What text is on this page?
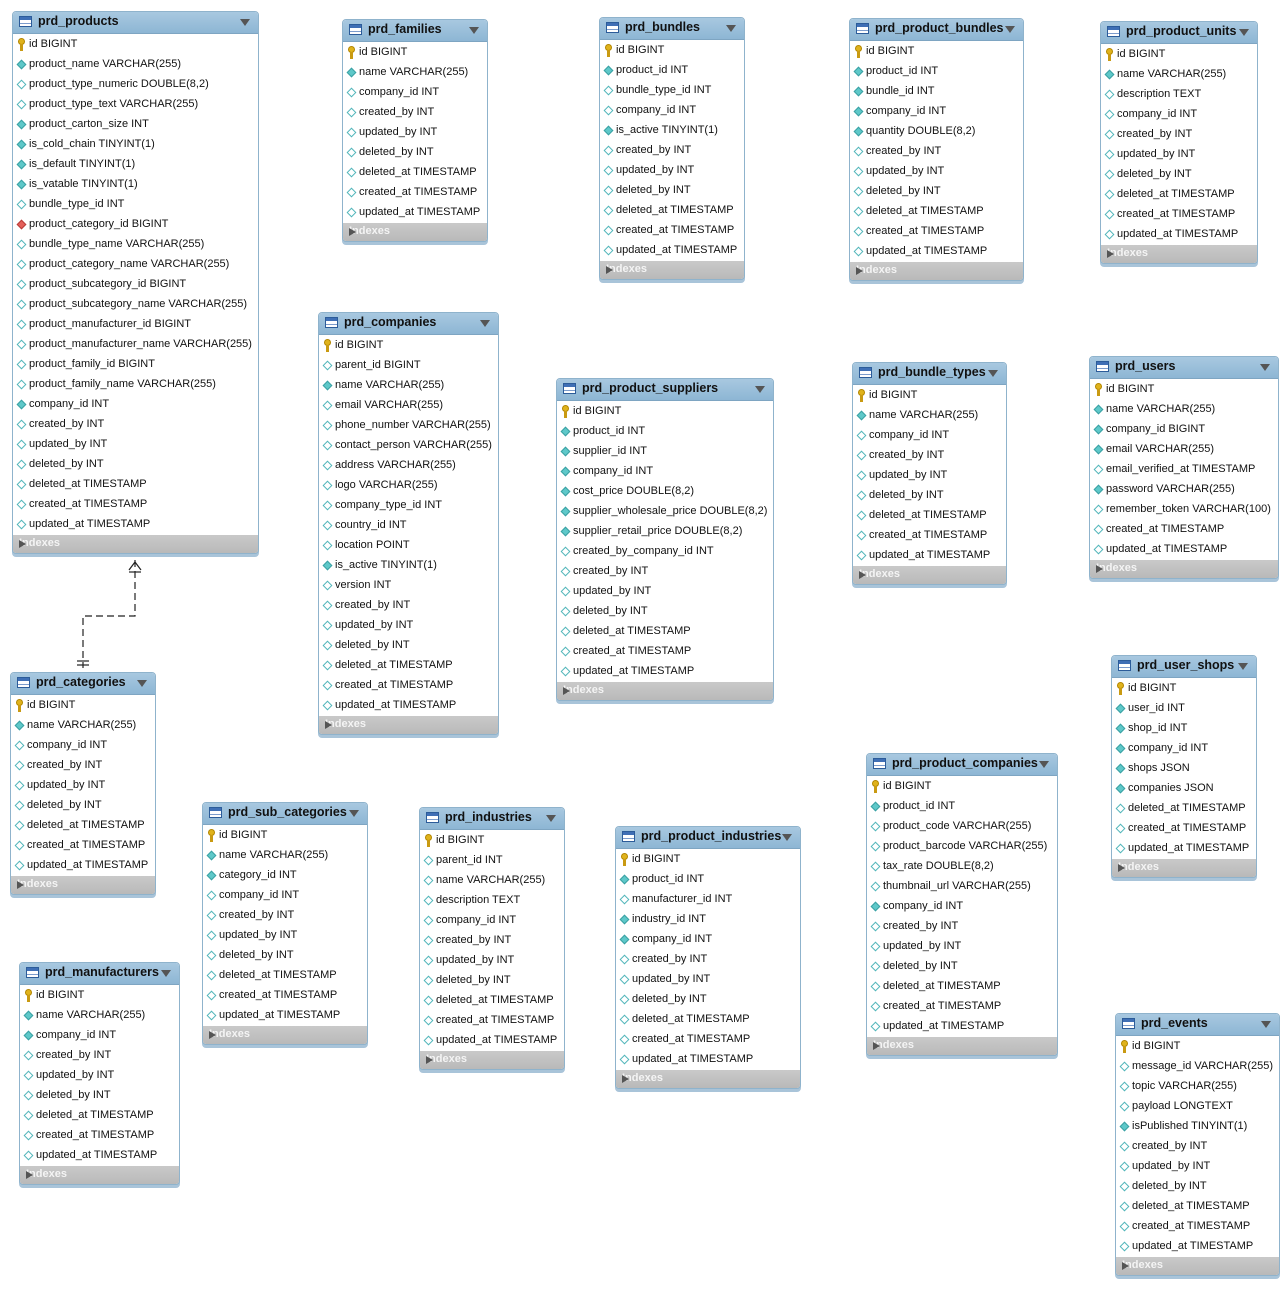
prd_products
id BIGINT
product_name VARCHAR(255)
product_type_numeric DOUBLE(8,2)
product_type_text VARCHAR(255)
product_carton_size INT
is_cold_chain TINYINT(1)
is_default TINYINT(1)
is_vatable TINYINT(1)
bundle_type_id INT
product_category_id BIGINT
bundle_type_name VARCHAR(255)
product_category_name VARCHAR(255)
product_subcategory_id BIGINT
product_subcategory_name VARCHAR(255)
product_manufacturer_id BIGINT
product_manufacturer_name VARCHAR(255)
product_family_id BIGINT
product_family_name VARCHAR(255)
company_id INT
created_by INT
updated_by INT
deleted_by INT
deleted_at TIMESTAMP
created_at TIMESTAMP
updated_at TIMESTAMP
Indexes
prd_families
id BIGINT
name VARCHAR(255)
company_id INT
created_by INT
updated_by INT
deleted_by INT
deleted_at TIMESTAMP
created_at TIMESTAMP
updated_at TIMESTAMP
Indexes
prd_bundles
id BIGINT
product_id INT
bundle_type_id INT
company_id INT
is_active TINYINT(1)
created_by INT
updated_by INT
deleted_by INT
deleted_at TIMESTAMP
created_at TIMESTAMP
updated_at TIMESTAMP
Indexes
prd_product_bundles
id BIGINT
product_id INT
bundle_id INT
company_id INT
quantity DOUBLE(8,2)
created_by INT
updated_by INT
deleted_by INT
deleted_at TIMESTAMP
created_at TIMESTAMP
updated_at TIMESTAMP
Indexes
prd_product_units
id BIGINT
name VARCHAR(255)
description TEXT
company_id INT
created_by INT
updated_by INT
deleted_by INT
deleted_at TIMESTAMP
created_at TIMESTAMP
updated_at TIMESTAMP
Indexes
prd_companies
id BIGINT
parent_id BIGINT
name VARCHAR(255)
email VARCHAR(255)
phone_number VARCHAR(255)
contact_person VARCHAR(255)
address VARCHAR(255)
logo VARCHAR(255)
company_type_id INT
country_id INT
location POINT
is_active TINYINT(1)
version INT
created_by INT
updated_by INT
deleted_by INT
deleted_at TIMESTAMP
created_at TIMESTAMP
updated_at TIMESTAMP
Indexes
prd_product_suppliers
id BIGINT
product_id INT
supplier_id INT
company_id INT
cost_price DOUBLE(8,2)
supplier_wholesale_price DOUBLE(8,2)
supplier_retail_price DOUBLE(8,2)
created_by_company_id INT
created_by INT
updated_by INT
deleted_by INT
deleted_at TIMESTAMP
created_at TIMESTAMP
updated_at TIMESTAMP
Indexes
prd_bundle_types
id BIGINT
name VARCHAR(255)
company_id INT
created_by INT
updated_by INT
deleted_by INT
deleted_at TIMESTAMP
created_at TIMESTAMP
updated_at TIMESTAMP
Indexes
prd_users
id BIGINT
name VARCHAR(255)
company_id BIGINT
email VARCHAR(255)
email_verified_at TIMESTAMP
password VARCHAR(255)
remember_token VARCHAR(100)
created_at TIMESTAMP
updated_at TIMESTAMP
Indexes
prd_categories
id BIGINT
name VARCHAR(255)
company_id INT
created_by INT
updated_by INT
deleted_by INT
deleted_at TIMESTAMP
created_at TIMESTAMP
updated_at TIMESTAMP
Indexes
prd_user_shops
id BIGINT
user_id INT
shop_id INT
company_id INT
shops JSON
companies JSON
deleted_at TIMESTAMP
created_at TIMESTAMP
updated_at TIMESTAMP
Indexes
prd_product_companies
id BIGINT
product_id INT
product_code VARCHAR(255)
product_barcode VARCHAR(255)
tax_rate DOUBLE(8,2)
thumbnail_url VARCHAR(255)
company_id INT
created_by INT
updated_by INT
deleted_by INT
deleted_at TIMESTAMP
created_at TIMESTAMP
updated_at TIMESTAMP
Indexes
prd_sub_categories
id BIGINT
name VARCHAR(255)
category_id INT
company_id INT
created_by INT
updated_by INT
deleted_by INT
deleted_at TIMESTAMP
created_at TIMESTAMP
updated_at TIMESTAMP
Indexes
prd_industries
id BIGINT
parent_id INT
name VARCHAR(255)
description TEXT
company_id INT
created_by INT
updated_by INT
deleted_by INT
deleted_at TIMESTAMP
created_at TIMESTAMP
updated_at TIMESTAMP
Indexes
prd_product_industries
id BIGINT
product_id INT
manufacturer_id INT
industry_id INT
company_id INT
created_by INT
updated_by INT
deleted_by INT
deleted_at TIMESTAMP
created_at TIMESTAMP
updated_at TIMESTAMP
Indexes
prd_manufacturers
id BIGINT
name VARCHAR(255)
company_id INT
created_by INT
updated_by INT
deleted_by INT
deleted_at TIMESTAMP
created_at TIMESTAMP
updated_at TIMESTAMP
Indexes
prd_events
id BIGINT
message_id VARCHAR(255)
topic VARCHAR(255)
payload LONGTEXT
isPublished TINYINT(1)
created_by INT
updated_by INT
deleted_by INT
deleted_at TIMESTAMP
created_at TIMESTAMP
updated_at TIMESTAMP
Indexes
